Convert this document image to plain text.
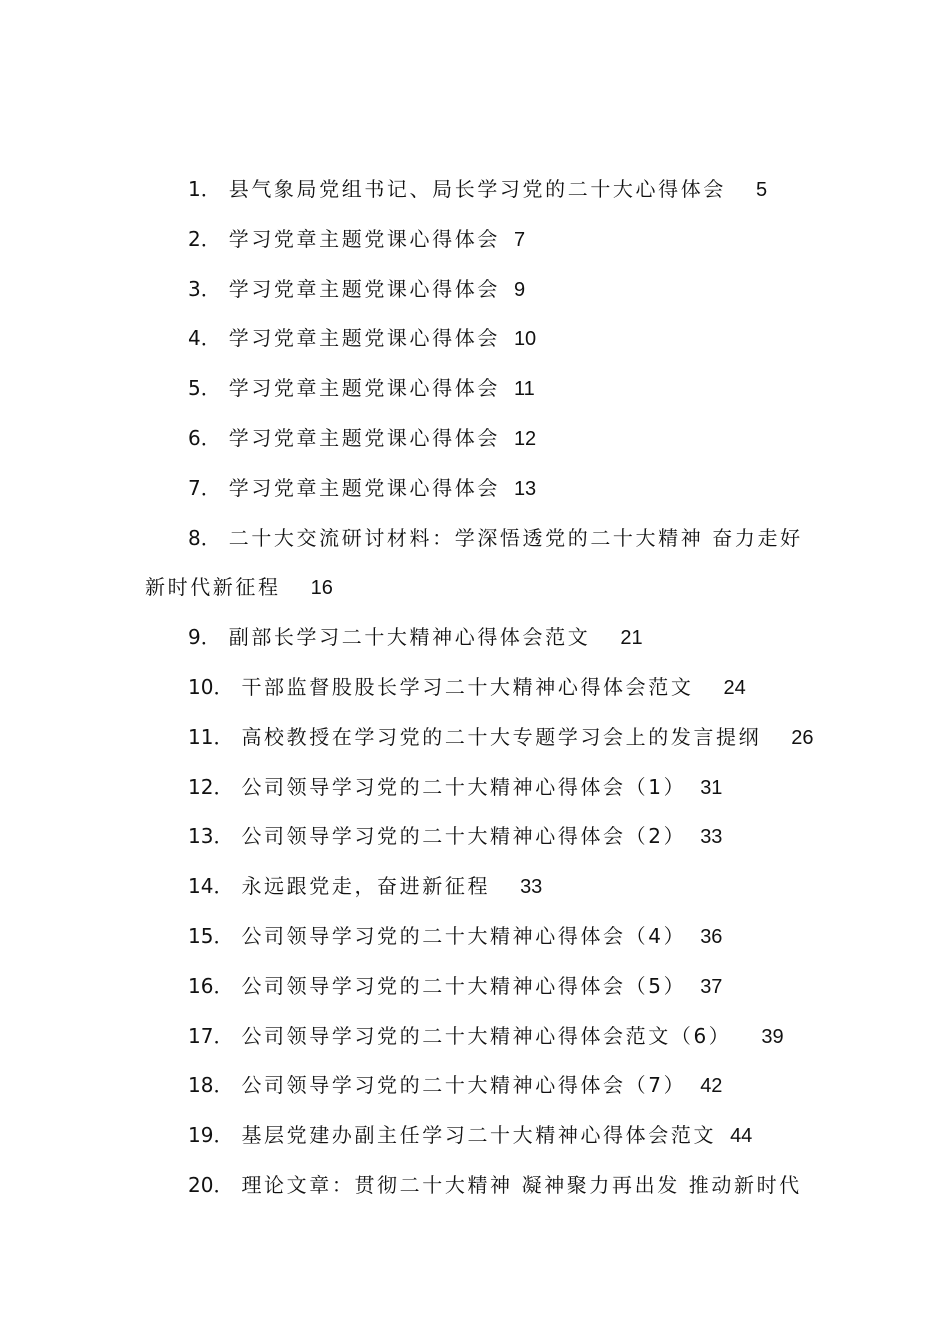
1． 县气象局党组书记、局长学习党的二十大心得体会 5
2． 学习党章主题党课心得体会 7
3． 学习党章主题党课心得体会 9
4． 学习党章主题党课心得体会 10
5． 学习党章主题党课心得体会 11
6． 学习党章主题党课心得体会 12
7． 学习党章主题党课心得体会 13
8． 二十大交流研讨材料：学深悟透党的二十大精神 奋力走好
新时代新征程 16
9． 副部长学习二十大精神心得体会范文 21
10． 干部监督股股长学习二十大精神心得体会范文 24
11． 高校教授在学习党的二十大专题学习会上的发言提纲 26
12． 公司领导学习党的二十大精神心得体会（1） 31
13． 公司领导学习党的二十大精神心得体会（2） 33
14． 永远跟党走，奋进新征程 33
15． 公司领导学习党的二十大精神心得体会（4） 36
16． 公司领导学习党的二十大精神心得体会（5） 37
17． 公司领导学习党的二十大精神心得体会范文（6） 39
18． 公司领导学习党的二十大精神心得体会（7） 42
19． 基层党建办副主任学习二十大精神心得体会范文 44
20． 理论文章：贯彻二十大精神 凝神聚力再出发 推动新时代
